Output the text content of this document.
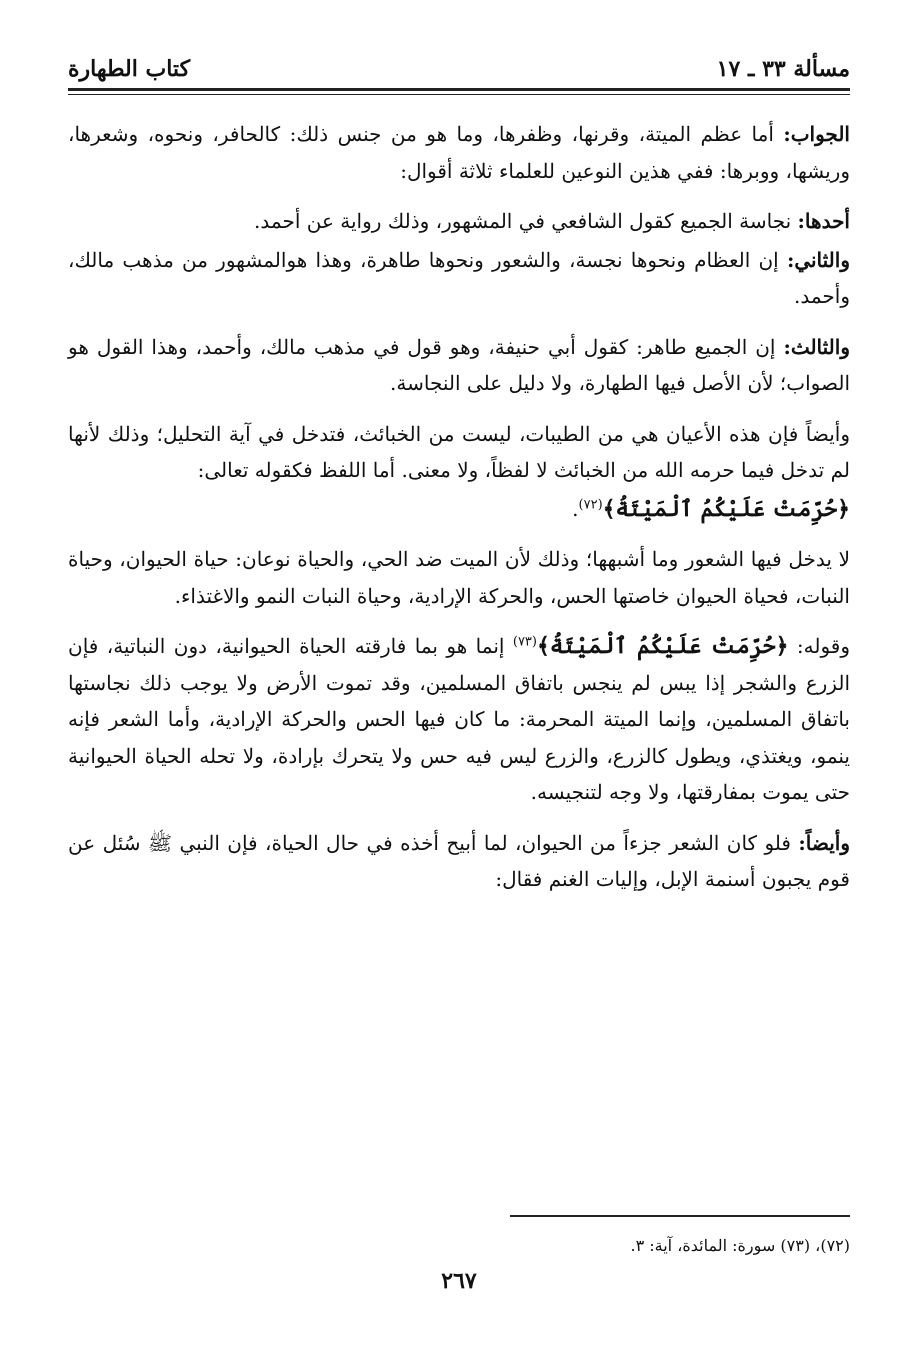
مسألة ٣٣ ـ ١٧
كتاب الطهارة

الجواب: أما عظم الميتة، وقرنها، وظفرها، وما هو من جنس ذلك: كالحافر، ونحوه، وشعرها، وريشها، ووبرها: ففي هذين النوعين للعلماء ثلاثة أقوال:

أحدها: نجاسة الجميع كقول الشافعي في المشهور، وذلك رواية عن أحمد.

والثاني: إن العظام ونحوها نجسة، والشعور ونحوها طاهرة، وهذا هوالمشهور من مذهب مالك، وأحمد.

والثالث: إن الجميع طاهر: كقول أبي حنيفة، وهو قول في مذهب مالك، وأحمد، وهذا القول هو الصواب؛ لأن الأصل فيها الطهارة، ولا دليل على النجاسة.

وأيضاً فإن هذه الأعيان هي من الطيبات، ليست من الخبائث، فتدخل في آية التحليل؛ وذلك لأنها لم تدخل فيما حرمه الله من الخبائث لا لفظاً، ولا معنى. أما اللفظ فكقوله تعالى:

﴿حُرِّمَتْ عَلَيْكُمُ ٱلْمَيْتَةُ﴾$^{(٧٢)}$.

لا يدخل فيها الشعور وما أشبهها؛ وذلك لأن الميت ضد الحي، والحياة نوعان: حياة الحيوان، وحياة النبات، فحياة الحيوان خاصتها الحس، والحركة الإرادية، وحياة النبات النمو والاغتذاء.

وقوله: ﴿حُرِّمَتْ عَلَيْكُمُ ٱلْمَيْتَةُ﴾$^{(٧٣)}$ إنما هو بما فارقته الحياة الحيوانية، دون النباتية، فإن الزرع والشجر إذا يبس لم ينجس باتفاق المسلمين، وقد تموت الأرض ولا يوجب ذلك نجاستها باتفاق المسلمين، وإنما الميتة المحرمة: ما كان فيها الحس والحركة الإرادية، وأما الشعر فإنه ينمو، ويغتذي، ويطول كالزرع، والزرع ليس فيه حس ولا يتحرك بإرادة، ولا تحله الحياة الحيوانية حتى يموت بمفارقتها، ولا وجه لتنجيسه.

وأيضاً: فلو كان الشعر جزءاً من الحيوان، لما أبيح أخذه في حال الحياة، فإن النبي ﷺ سُئل عن قوم يجبون أسنمة الإبل، وإليات الغنم فقال:

(٧٢)، (٧٣) سورة: المائدة، آية: ٣.
٢٦٧
